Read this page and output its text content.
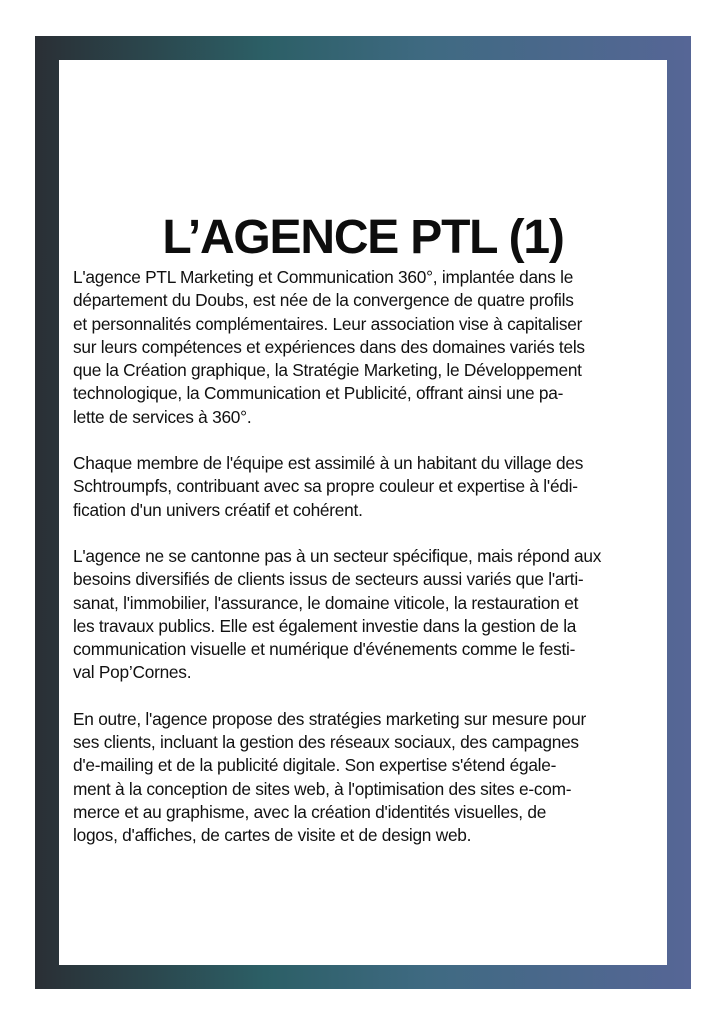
L’AGENCE PTL (1)

L'agence PTL Marketing et Communication 360°, implantée dans le
département du Doubs, est née de la convergence de quatre profils
et personnalités complémentaires. Leur association vise à capitaliser
sur leurs compétences et expériences dans des domaines variés tels
que la Création graphique, la Stratégie Marketing, le Développement
technologique, la Communication et Publicité, offrant ainsi une pa-
lette de services à 360°.

Chaque membre de l'équipe est assimilé à un habitant du village des
Schtroumpfs, contribuant avec sa propre couleur et expertise à l'édi-
fication d'un univers créatif et cohérent.

L'agence ne se cantonne pas à un secteur spécifique, mais répond aux
besoins diversifiés de clients issus de secteurs aussi variés que l'arti-
sanat, l'immobilier, l'assurance, le domaine viticole, la restauration et
les travaux publics. Elle est également investie dans la gestion de la
communication visuelle et numérique d'événements comme le festi-
val Pop’Cornes.

En outre, l'agence propose des stratégies marketing sur mesure pour
ses clients, incluant la gestion des réseaux sociaux, des campagnes
d'e-mailing et de la publicité digitale. Son expertise s'étend égale-
ment à la conception de sites web, à l'optimisation des sites e-com-
merce et au graphisme, avec la création d'identités visuelles, de
logos, d'affiches, de cartes de visite et de design web.
